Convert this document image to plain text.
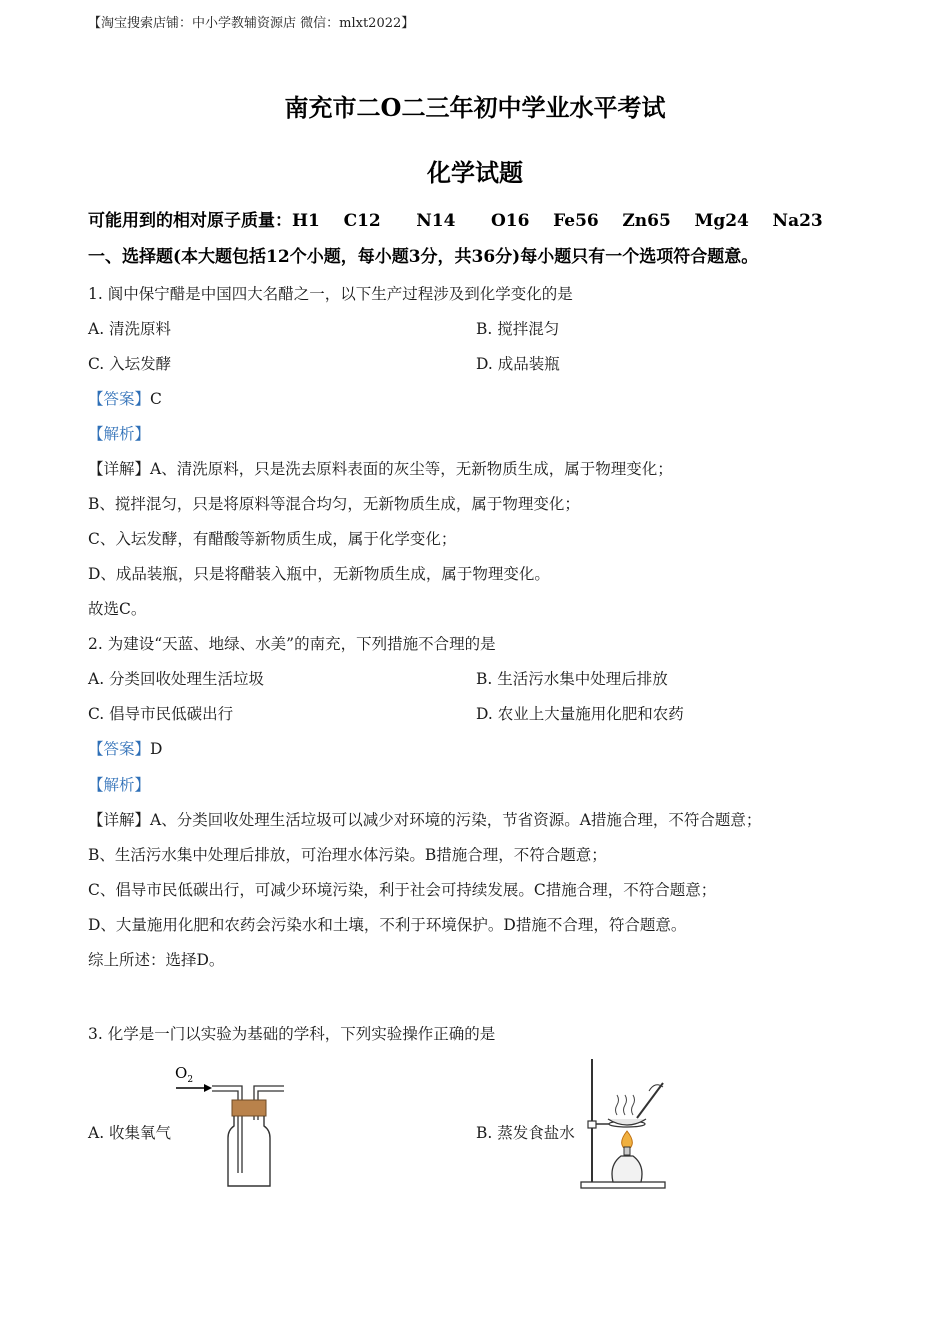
【淘宝搜索店铺：中小学教辅资源店 微信：mlxt2022】
南充市二O二三年初中学业水平考试
化学试题
可能用到的相对原子质量：H1    C12      N14      O16    Fe56    Zn65    Mg24    Na23
一、选择题(本大题包括12个小题，每小题3分，共36分)每小题只有一个选项符合题意。
1. 阆中保宁醋是中国四大名醋之一，以下生产过程涉及到化学变化的是
A. 清洗原料	B. 搅拌混匀
C. 入坛发酵	D. 成品装瓶
【答案】C
【解析】
【详解】A、清洗原料，只是洗去原料表面的灰尘等，无新物质生成，属于物理变化；
B、搅拌混匀，只是将原料等混合均匀，无新物质生成，属于物理变化；
C、入坛发酵，有醋酸等新物质生成，属于化学变化；
D、成品装瓶，只是将醋装入瓶中，无新物质生成，属于物理变化。
故选C。
2. 为建设“天蓝、地绿、水美”的南充，下列措施不合理的是
A. 分类回收处理生活垃圾	B. 生活污水集中处理后排放
C. 倡导市民低碳出行	D. 农业上大量施用化肥和农药
【答案】D
【解析】
【详解】A、分类回收处理生活垃圾可以减少对环境的污染，节省资源。A措施合理，不符合题意；
B、生活污水集中处理后排放，可治理水体污染。B措施合理，不符合题意；
C、倡导市民低碳出行，可减少环境污染，利于社会可持续发展。C措施合理，不符合题意；
D、大量施用化肥和农药会污染水和土壤，不利于环境保护。D措施不合理，符合题意。
综上所述：选择D。
3. 化学是一门以实验为基础的学科，下列实验操作正确的是
A. 收集氧气	B. 蒸发食盐水
$O_2$
